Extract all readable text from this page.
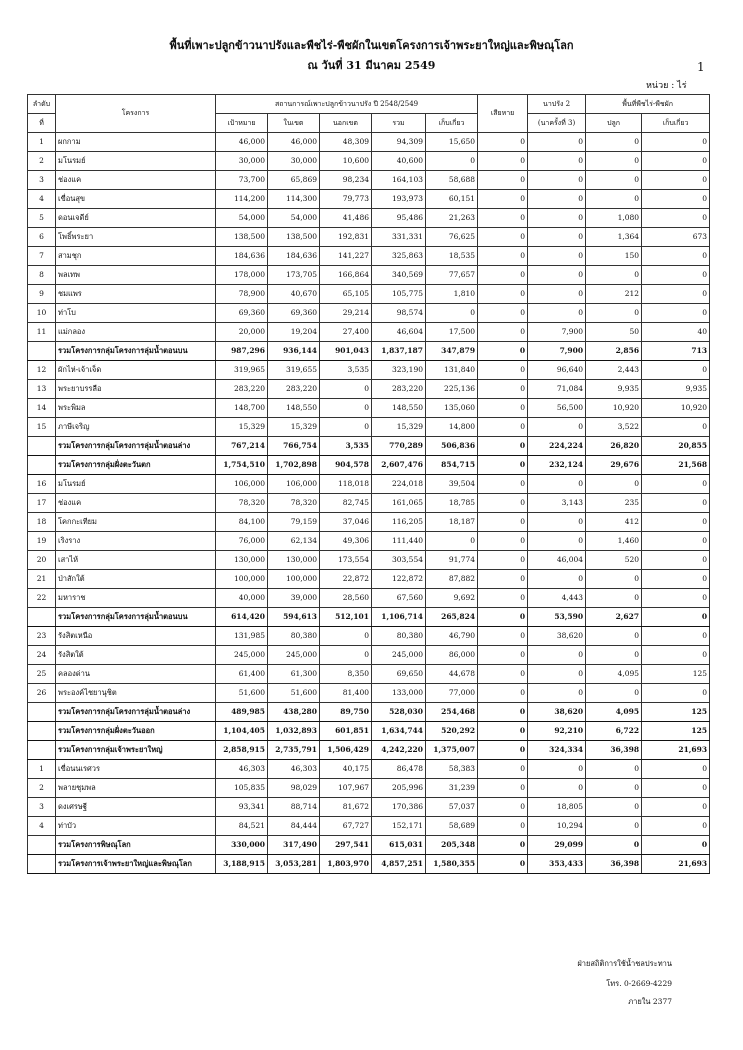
พื้นที่เพาะปลูกข้าวนาปรังและพืชไร่-พืชผักในเขตโครงการเจ้าพระยาใหญ่และพิษณุโลก
ณ วันที่ 31 มีนาคม 2549	1
หน่วย : ไร่
ลำดับ	โครงการ	สถานการณ์เพาะปลูกข้าวนาปรัง ปี 2548/2549					เสียหาย	นาปรัง 2	พื้นที่พืชไร่-พืชผัก	
ที่		เป้าหมาย	ในเขต	นอกเขต	รวม	เก็บเกี่ยว		(นาครั้งที่ 3)	ปลูก	เก็บเกี่ยว
1	ผกกาม	46,000	46,000	48,309	94,309	15,650	0	0	0	0
2	มโนรมย์	30,000	30,000	10,600	40,600	0	0	0	0	0
3	ช่องแค	73,700	65,869	98,234	164,103	58,688	0	0	0	0
4	เขื่อนสุข	114,200	114,300	79,773	193,973	60,151	0	0	0	0
5	ดอนเจดีย์	54,000	54,000	41,486	95,486	21,263	0	0	1,080	0
6	โพธิ์พระยา	138,500	138,500	192,831	331,331	76,625	0	0	1,364	673
7	สามชุก	184,636	184,636	141,227	325,863	18,535	0	0	150	0
8	พลเทพ	178,000	173,705	166,864	340,569	77,657	0	0	0	0
9	ชมแพร	78,900	40,670	65,105	105,775	1,810	0	0	212	0
10	ท่าโบ	69,360	69,360	29,214	98,574	0	0	0	0	0
11	แม่กลอง	20,000	19,204	27,400	46,604	17,500	0	7,900	50	40
	รวมโครงการกลุ่มโครงการลุ่มน้ำตอนบน	987,296	936,144	901,043	1,837,187	347,879	0	7,900	2,856	713
12	ผักไห่-เจ้าเจ็ด	319,965	319,655	3,535	323,190	131,840	0	96,640	2,443	0
13	พระยาบรรลือ	283,220	283,220	0	283,220	225,136	0	71,084	9,935	9,935
14	พระพิมล	148,700	148,550	0	148,550	135,060	0	56,500	10,920	10,920
15	ภาษีเจริญ	15,329	15,329	0	15,329	14,800	0	0	3,522	0
	รวมโครงการกลุ่มโครงการลุ่มน้ำตอนล่าง	767,214	766,754	3,535	770,289	506,836	0	224,224	26,820	20,855
	รวมโครงการกลุ่มฝั่งตะวันตก	1,754,510	1,702,898	904,578	2,607,476	854,715	0	232,124	29,676	21,568
16	มโนรมย์	106,000	106,000	118,018	224,018	39,504	0	0	0	0
17	ช่องแค	78,320	78,320	82,745	161,065	18,785	0	3,143	235	0
18	โคกกะเทียม	84,100	79,159	37,046	116,205	18,187	0	0	412	0
19	เริงราง	76,000	62,134	49,306	111,440	0	0	0	1,460	0
20	เสาไห้	130,000	130,000	173,554	303,554	91,774	0	46,004	520	0
21	ป่าสักใต้	100,000	100,000	22,872	122,872	87,882	0	0	0	0
22	มหาราช	40,000	39,000	28,560	67,560	9,692	0	4,443	0	0
	รวมโครงการกลุ่มโครงการลุ่มน้ำตอนบน	614,420	594,613	512,101	1,106,714	265,824	0	53,590	2,627	0
23	รังสิตเหนือ	131,985	80,380	0	80,380	46,790	0	38,620	0	0
24	รังสิตใต้	245,000	245,000	0	245,000	86,000	0	0	0	0
25	คลองด่าน	61,400	61,300	8,350	69,650	44,678	0	0	4,095	125
26	พระองค์ไชยานุชิต	51,600	51,600	81,400	133,000	77,000	0	0	0	0
	รวมโครงการกลุ่มโครงการลุ่มน้ำตอนล่าง	489,985	438,280	89,750	528,030	254,468	0	38,620	4,095	125
	รวมโครงการกลุ่มฝั่งตะวันออก	1,104,405	1,032,893	601,851	1,634,744	520,292	0	92,210	6,722	125
	รวมโครงการกลุ่มเจ้าพระยาใหญ่	2,858,915	2,735,791	1,506,429	4,242,220	1,375,007	0	324,334	36,398	21,693
1	เขื่อนนเรศวร	46,303	46,303	40,175	86,478	58,383	0	0	0	0
2	พลายชุมพล	105,835	98,029	107,967	205,996	31,239	0	0	0	0
3	ดงเศรษฐี	93,341	88,714	81,672	170,386	57,037	0	18,805	0	0
4	ท่าบัว	84,521	84,444	67,727	152,171	58,689	0	10,294	0	0
	รวมโครงการพิษณุโลก	330,000	317,490	297,541	615,031	205,348	0	29,099	0	0
	รวมโครงการเจ้าพระยาใหญ่และพิษณุโลก	3,188,915	3,053,281	1,803,970	4,857,251	1,580,355	0	353,433	36,398	21,693
ฝ่ายสถิติการใช้น้ำชลประทาน
โทร. 0-2669-4229
ภายใน 2377
